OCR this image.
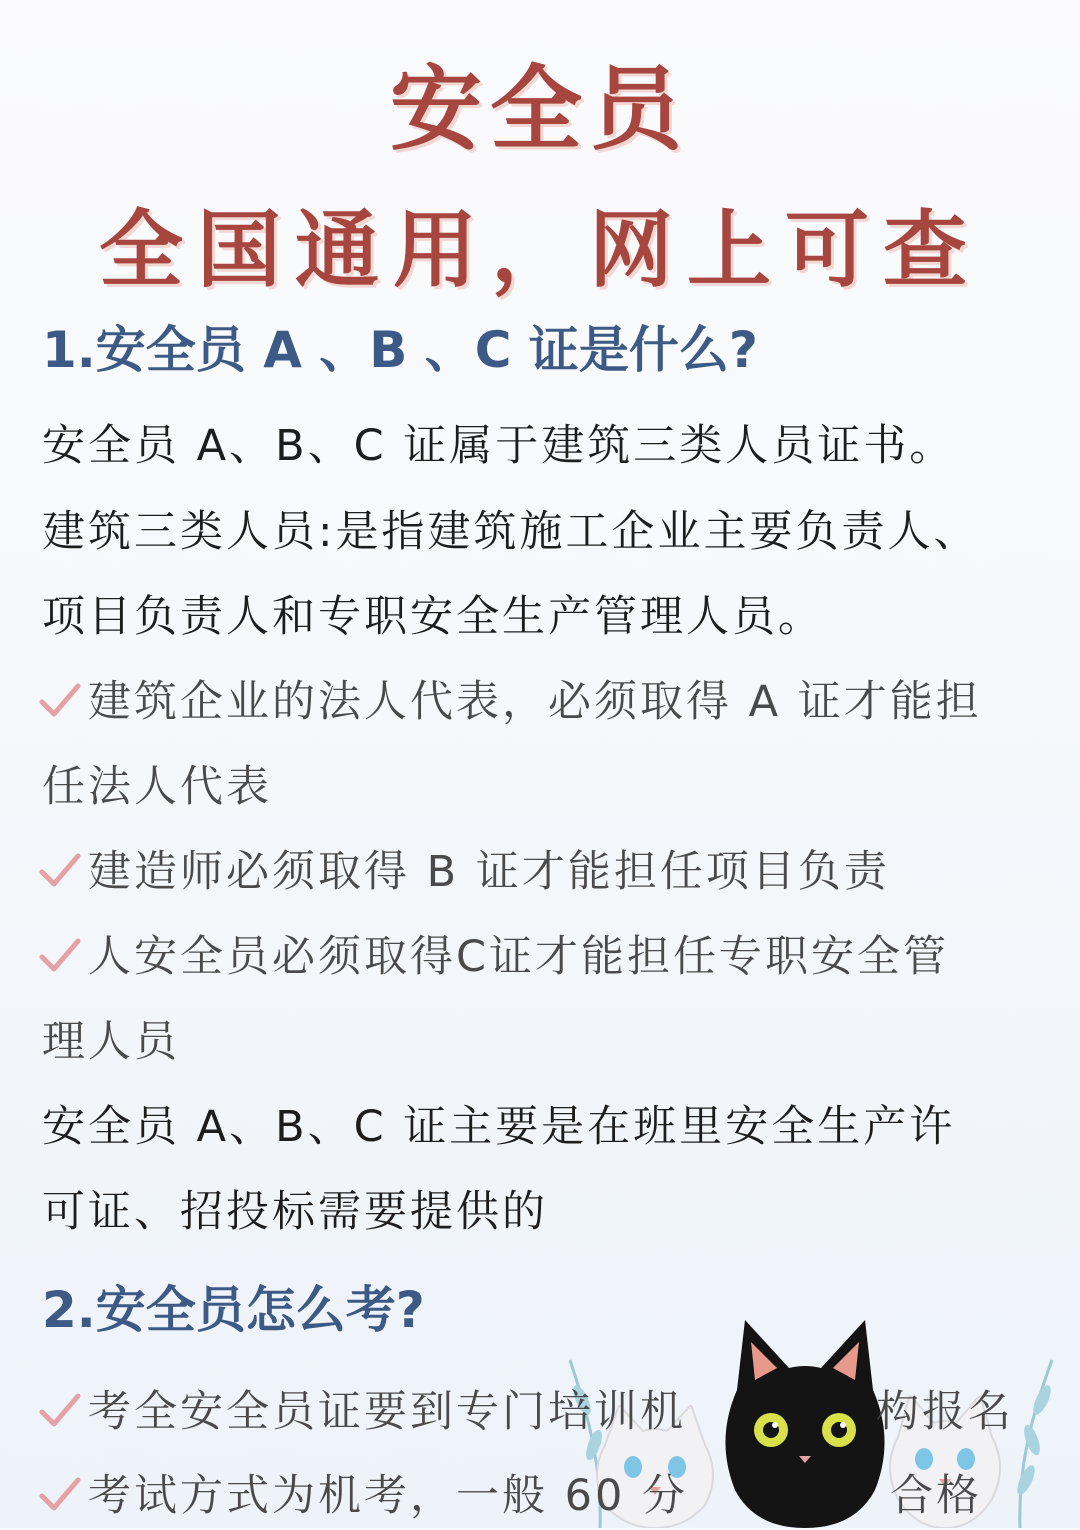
安全员
全国通用，网上可查
1.安全员 A 、B 、C 证是什么?
安全员 A、B、C 证属于建筑三类人员证书。
建筑三类人员:是指建筑施工企业主要负责人、
项目负责人和专职安全生产管理人员。
建筑企业的法人代表，必须取得 A 证才能担
任法人代表
建造师必须取得 B 证才能担任项目负责
人安全员必须取得C证才能担任专职安全管
理人员
安全员 A、B、C 证主要是在班里安全生产许
可证、招投标需要提供的
2.安全员怎么考?
考全安全员证要到专门培训机	构报名
考试方式为机考，一般 60 分	合格
